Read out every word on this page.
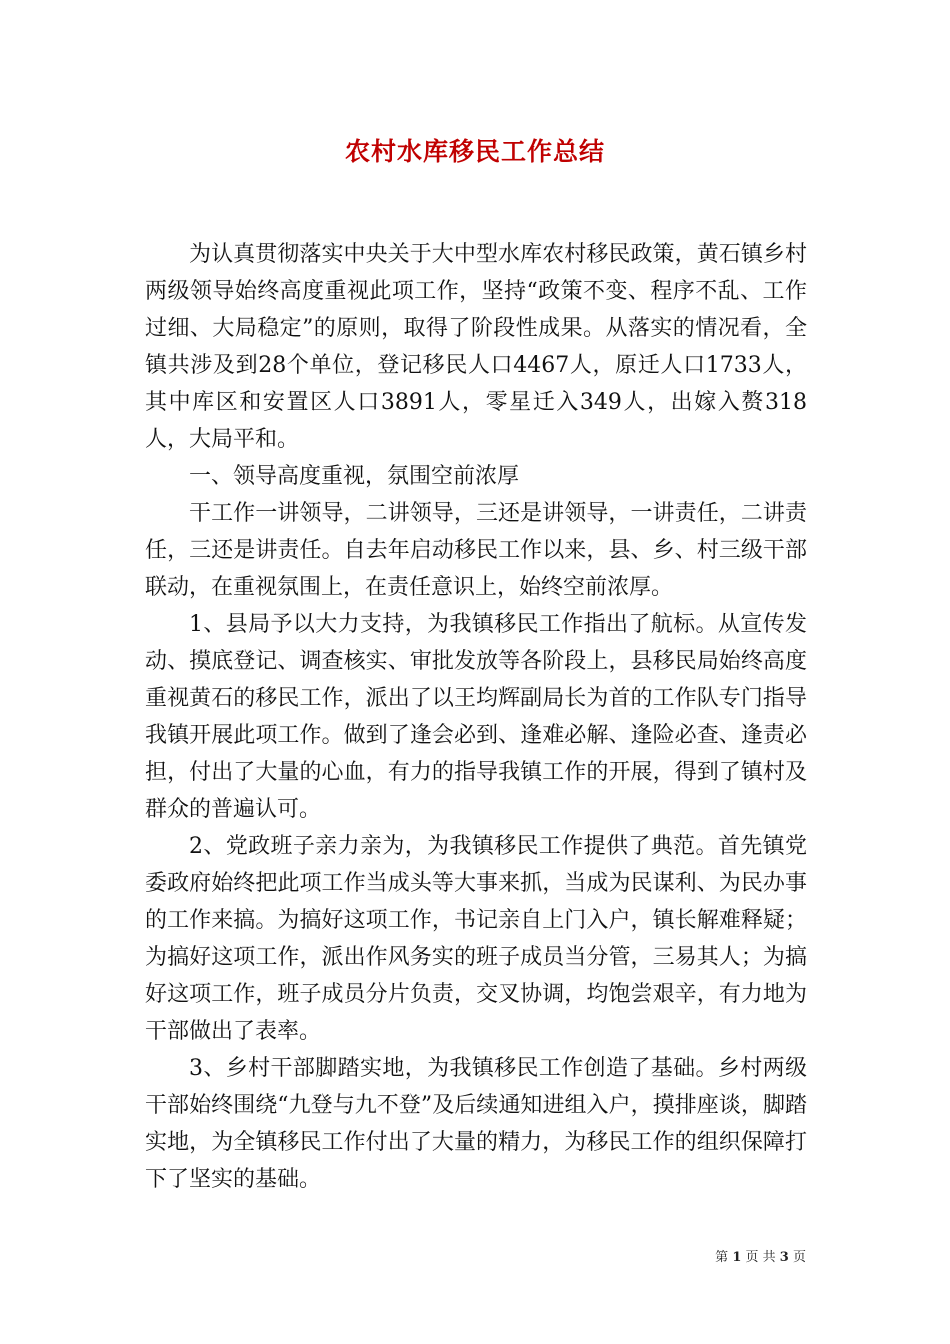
农村水库移民工作总结

为认真贯彻落实中央关于大中型水库农村移民政策，黄石镇乡村两级领导始终高度重视此项工作，坚持“政策不变、程序不乱、工作过细、大局稳定”的原则，取得了阶段性成果。从落实的情况看，全镇共涉及到28个单位，登记移民人口4467人，原迁人口1733人，其中库区和安置区人口3891人，零星迁入349人，出嫁入赘318人，大局平和。

一、领导高度重视，氛围空前浓厚

干工作一讲领导，二讲领导，三还是讲领导，一讲责任，二讲责任，三还是讲责任。自去年启动移民工作以来，县、乡、村三级干部联动，在重视氛围上，在责任意识上，始终空前浓厚。

1、县局予以大力支持，为我镇移民工作指出了航标。从宣传发动、摸底登记、调查核实、审批发放等各阶段上，县移民局始终高度重视黄石的移民工作，派出了以王均辉副局长为首的工作队专门指导我镇开展此项工作。做到了逢会必到、逢难必解、逢险必查、逢责必担，付出了大量的心血，有力的指导我镇工作的开展，得到了镇村及群众的普遍认可。

2、党政班子亲力亲为，为我镇移民工作提供了典范。首先镇党委政府始终把此项工作当成头等大事来抓，当成为民谋利、为民办事的工作来搞。为搞好这项工作，书记亲自上门入户，镇长解难释疑；为搞好这项工作，派出作风务实的班子成员当分管，三易其人；为搞好这项工作，班子成员分片负责，交叉协调，均饱尝艰辛，有力地为干部做出了表率。

3、乡村干部脚踏实地，为我镇移民工作创造了基础。乡村两级干部始终围绕“九登与九不登”及后续通知进组入户，摸排座谈，脚踏实地，为全镇移民工作付出了大量的精力，为移民工作的组织保障打下了坚实的基础。

第 1 页 共 3 页
